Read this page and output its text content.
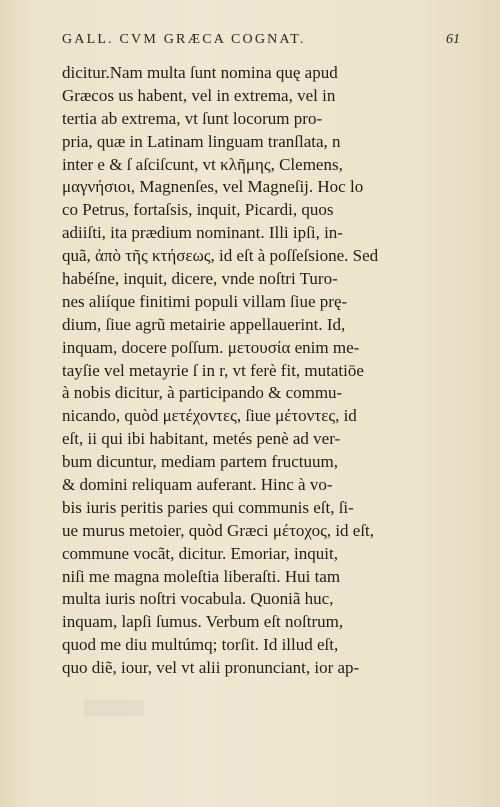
GALL. CVM GRÆCA COGNAT.	61
dicitur.Nam multa ſunt nomina quę apud
Græcos us habent, vel in extrema, vel in
tertia ab extrema, vt ſunt locorum pro-
pria, quæ in Latinam linguam tranſlata, n
inter e & ſ aſciſcunt, vt κλῆμης, Clemens,
μαγνήσιοι, Magnenſes, vel Magneſij. Hoc lo
co Petrus, fortaſsis, inquit, Picardi, quos
adiiſti, ita prædium nominant. Illi ipſi, in-
quã, ἀπὸ τῆς κτήσεως, id eſt à poſſeſsione. Sed
habéſne, inquit, dicere, vnde noſtri Turo-
nes aliíque finitimi populi villam ſiue prę-
dium, ſiue agrũ metairie appellauerint. Id,
inquam, docere poſſum. μετουσία enim me-
tayſie vel metayrie ſ in r, vt ferè fit, mutatiōe
à nobis dicitur, à participando & commu-
nicando, quòd μετέχοντες, ſiue μέτοντες, id
eſt, ii qui ibi habitant, metés penè ad ver-
bum dicuntur, mediam partem fructuum,
& domini reliquam auferant. Hinc à vo-
bis iuris peritis paries qui communis eſt, ſi-
ue murus metoier, quòd Græci μέτοχος, id eſt,
commune vocãt, dicitur. Emoriar, inquit,
niſi me magna moleſtia liberaſti. Hui tam
multa iuris noſtri vocabula. Quoniã huc,
inquam, lapſi ſumus. Verbum eſt noſtrum,
quod me diu multúmq; torſit. Id illud eſt,
quo diẽ, iour, vel vt alii pronunciant, ior ap-
